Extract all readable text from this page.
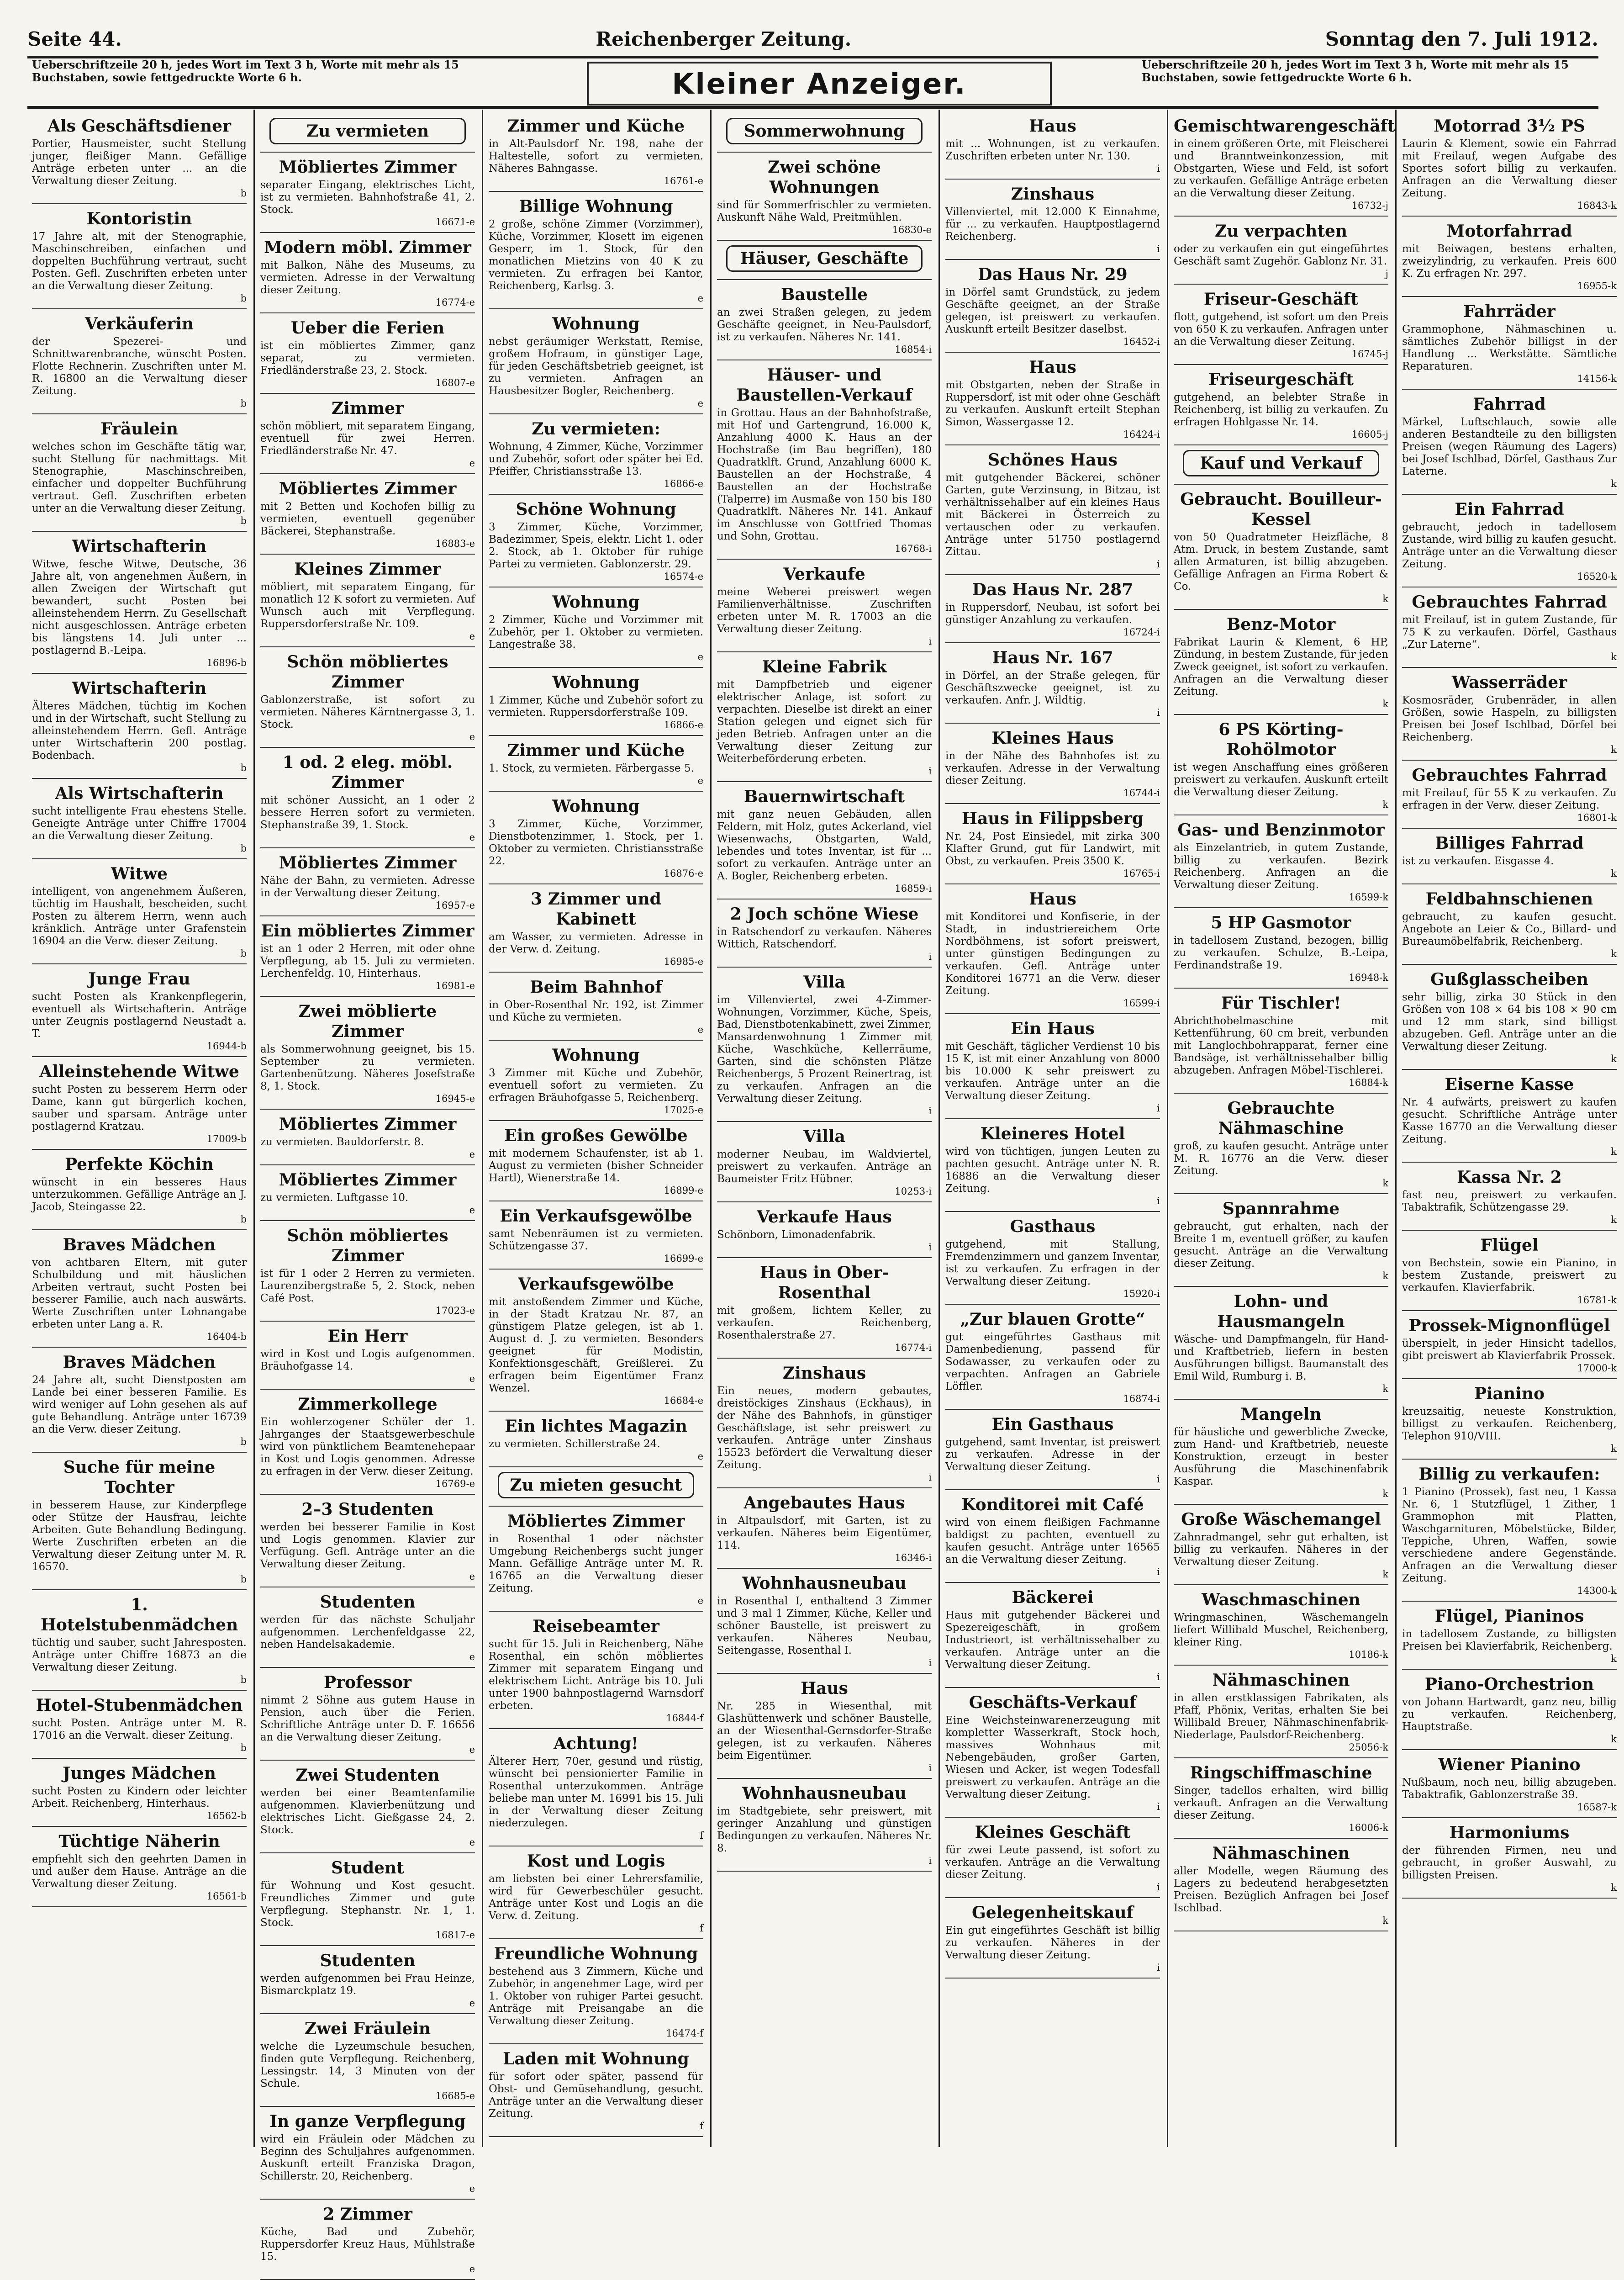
Seite 44.	Reichenberger Zeitung.	Sonntag den 7. Juli 1912.
Ueberschriftzeile 20 h, jedes Wort im Text 3 h, Worte mit mehr als 15 Buchstaben, sowie fettgedruckte Worte 6 h.	Kleiner Anzeiger.
Ueberschriftzeile 20 h, jedes Wort im Text 3 h, Worte mit mehr als 15 Buchstaben, sowie fettgedruckte Worte 6 h.
Als Geschäftsdiener
Portier, Hausmeister, sucht Stellung junger, fleißiger Mann. Gefällige Anträge erbeten unter ... an die Verwaltung dieser Zeitung.
b
Kontoristin
17 Jahre alt, mit der Stenographie, Maschinschreiben, einfachen und doppelten Buchführung vertraut, sucht Posten. Gefl. Zuschriften erbeten unter an die Verwaltung dieser Zeitung.
b
Verkäuferin
der Spezerei- und Schnittwarenbranche, wünscht Posten. Flotte Rechnerin. Zuschriften unter M. R. 16800 an die Verwaltung dieser Zeitung.
b
Fräulein
welches schon im Geschäfte tätig war, sucht Stellung für nachmittags. Mit Stenographie, Maschinschreiben, einfacher und doppelter Buchführung vertraut. Gefl. Zuschriften erbeten unter an die Verwaltung dieser Zeitung.
b
Wirtschafterin
Witwe, fesche Witwe, Deutsche, 36 Jahre alt, von angenehmen Äußern, in allen Zweigen der Wirtschaft gut bewandert, sucht Posten bei alleinstehendem Herrn. Zu Gesellschaft nicht ausgeschlossen. Anträge erbeten bis längstens 14. Juli unter ... postlagernd B.-Leipa.
16896-b
Wirtschafterin
Älteres Mädchen, tüchtig im Kochen und in der Wirtschaft, sucht Stellung zu alleinstehendem Herrn. Gefl. Anträge unter Wirtschafterin 200 postlag. Bodenbach.
b
Als Wirtschafterin
sucht intelligente Frau ehestens Stelle. Geneigte Anträge unter Chiffre 17004 an die Verwaltung dieser Zeitung.
b
Witwe
intelligent, von angenehmem Äußeren, tüchtig im Haushalt, bescheiden, sucht Posten zu älterem Herrn, wenn auch kränklich. Anträge unter Grafenstein 16904 an die Verw. dieser Zeitung.
b
Junge Frau
sucht Posten als Krankenpflegerin, eventuell als Wirtschafterin. Anträge unter Zeugnis postlagernd Neustadt a. T.
16944-b
Alleinstehende Witwe
sucht Posten zu besserem Herrn oder Dame, kann gut bürgerlich kochen, sauber und sparsam. Anträge unter postlagernd Kratzau.
17009-b
Perfekte Köchin
wünscht in ein besseres Haus unterzukommen. Gefällige Anträge an J. Jacob, Steingasse 22.
b
Braves Mädchen
von achtbaren Eltern, mit guter Schulbildung und mit häuslichen Arbeiten vertraut, sucht Posten bei besserer Familie, auch nach auswärts. Werte Zuschriften unter Lohnangabe erbeten unter Lang a. R.
16404-b
Braves Mädchen
24 Jahre alt, sucht Dienstposten am Lande bei einer besseren Familie. Es wird weniger auf Lohn gesehen als auf gute Behandlung. Anträge unter 16739 an die Verw. dieser Zeitung.
b
Suche für meine Tochter
in besserem Hause, zur Kinderpflege oder Stütze der Hausfrau, leichte Arbeiten. Gute Behandlung Bedingung. Werte Zuschriften erbeten an die Verwaltung dieser Zeitung unter M. R. 16570.
b
1. Hotelstubenmädchen
tüchtig und sauber, sucht Jahresposten. Anträge unter Chiffre 16873 an die Verwaltung dieser Zeitung.
b
Hotel-Stubenmädchen
sucht Posten. Anträge unter M. R. 17016 an die Verwalt. dieser Zeitung.
b
Junges Mädchen
sucht Posten zu Kindern oder leichter Arbeit. Reichenberg, Hinterhaus.
16562-b
Tüchtige Näherin
empfiehlt sich den geehrten Damen in und außer dem Hause. Anträge an die Verwaltung dieser Zeitung.
16561-b
Zu vermieten
Möbliertes Zimmer
separater Eingang, elektrisches Licht, ist zu vermieten. Bahnhofstraße 41, 2. Stock.
16671-e
Modern möbl. Zimmer
mit Balkon, Nähe des Museums, zu vermieten. Adresse in der Verwaltung dieser Zeitung.
16774-e
Ueber die Ferien
ist ein möbliertes Zimmer, ganz separat, zu vermieten. Friedländerstraße 23, 2. Stock.
16807-e
Zimmer
schön möbliert, mit separatem Eingang, eventuell für zwei Herren. Friedländerstraße Nr. 47.
e
Möbliertes Zimmer
mit 2 Betten und Kochofen billig zu vermieten, eventuell gegenüber Bäckerei, Stephanstraße.
16883-e
Kleines Zimmer
möbliert, mit separatem Eingang, für monatlich 12 K sofort zu vermieten. Auf Wunsch auch mit Verpflegung. Ruppersdorferstraße Nr. 109.
e
Schön möbliertes Zimmer
Gablonzerstraße, ist sofort zu vermieten. Näheres Kärntnergasse 3, 1. Stock.
e
1 od. 2 eleg. möbl. Zimmer
mit schöner Aussicht, an 1 oder 2 bessere Herren sofort zu vermieten. Stephanstraße 39, 1. Stock.
e
Möbliertes Zimmer
Nähe der Bahn, zu vermieten. Adresse in der Verwaltung dieser Zeitung.
16957-e
Ein möbliertes Zimmer
ist an 1 oder 2 Herren, mit oder ohne Verpflegung, ab 15. Juli zu vermieten. Lerchenfeldg. 10, Hinterhaus.
16981-e
Zwei möblierte Zimmer
als Sommerwohnung geeignet, bis 15. September zu vermieten. Gartenbenützung. Näheres Josefstraße 8, 1. Stock.
16945-e
Möbliertes Zimmer
zu vermieten. Bauldorferstr. 8.
e
Möbliertes Zimmer
zu vermieten. Luftgasse 10.
e
Schön möbliertes Zimmer
ist für 1 oder 2 Herren zu vermieten. Laurenzibergstraße 5, 2. Stock, neben Café Post.
17023-e
Ein Herr
wird in Kost und Logis aufgenommen. Bräuhofgasse 14.
e
Zimmerkollege
Ein wohlerzogener Schüler der 1. Jahrganges der Staatsgewerbeschule wird von pünktlichem Beamtenehepaar in Kost und Logis genommen. Adresse zu erfragen in der Verw. dieser Zeitung.
16769-e
2–3 Studenten
werden bei besserer Familie in Kost und Logis genommen. Klavier zur Verfügung. Gefl. Anträge unter an die Verwaltung dieser Zeitung.
e
Studenten
werden für das nächste Schuljahr aufgenommen. Lerchenfeldgasse 22, neben Handelsakademie.
e
Professor
nimmt 2 Söhne aus gutem Hause in Pension, auch über die Ferien. Schriftliche Anträge unter D. F. 16656 an die Verwaltung dieser Zeitung.
e
Zwei Studenten
werden bei einer Beamtenfamilie aufgenommen. Klavierbenützung und elektrisches Licht. Gießgasse 24, 2. Stock.
e
Student
für Wohnung und Kost gesucht. Freundliches Zimmer und gute Verpflegung. Stephanstr. Nr. 1, 1. Stock.
16817-e
Studenten
werden aufgenommen bei Frau Heinze, Bismarckplatz 19.
e
Zwei Fräulein
welche die Lyzeumschule besuchen, finden gute Verpflegung. Reichenberg, Lessingstr. 14, 3 Minuten von der Schule.
16685-e
In ganze Verpflegung
wird ein Fräulein oder Mädchen zu Beginn des Schuljahres aufgenommen. Auskunft erteilt Franziska Dragon, Schillerstr. 20, Reichenberg.
e
2 Zimmer
Küche, Bad und Zubehör, Ruppersdorfer Kreuz Haus, Mühlstraße 15.
e
Zimmer und Küche
in Alt-Paulsdorf Nr. 198, nahe der Haltestelle, sofort zu vermieten. Näheres Bahngasse.
16761-e
Billige Wohnung
2 große, schöne Zimmer (Vorzimmer), Küche, Vorzimmer, Klosett im eigenen Gesperr, im 1. Stock, für den monatlichen Mietzins von 40 K zu vermieten. Zu erfragen bei Kantor, Reichenberg, Karlsg. 3.
e
Wohnung
nebst geräumiger Werkstatt, Remise, großem Hofraum, in günstiger Lage, für jeden Geschäftsbetrieb geeignet, ist zu vermieten. Anfragen an Hausbesitzer Bogler, Reichenberg.
e
Zu vermieten:
Wohnung, 4 Zimmer, Küche, Vorzimmer und Zubehör, sofort oder später bei Ed. Pfeiffer, Christiansstraße 13.
16866-e
Schöne Wohnung
3 Zimmer, Küche, Vorzimmer, Badezimmer, Speis, elektr. Licht 1. oder 2. Stock, ab 1. Oktober für ruhige Partei zu vermieten. Gablonzerstr. 29.
16574-e
Wohnung
2 Zimmer, Küche und Vorzimmer mit Zubehör, per 1. Oktober zu vermieten. Langestraße 38.
e
Wohnung
1 Zimmer, Küche und Zubehör sofort zu vermieten. Ruppersdorferstraße 109.
16866-e
Zimmer und Küche
1. Stock, zu vermieten. Färbergasse 5.
e
Wohnung
3 Zimmer, Küche, Vorzimmer, Dienstbotenzimmer, 1. Stock, per 1. Oktober zu vermieten. Christiansstraße 22.
16876-e
3 Zimmer und Kabinett
am Wasser, zu vermieten. Adresse in der Verw. d. Zeitung.
16985-e
Beim Bahnhof
in Ober-Rosenthal Nr. 192, ist Zimmer und Küche zu vermieten.
e
Wohnung
3 Zimmer mit Küche und Zubehör, eventuell sofort zu vermieten. Zu erfragen Bräuhofgasse 5, Reichenberg.
17025-e
Ein großes Gewölbe
mit modernem Schaufenster, ist ab 1. August zu vermieten (bisher Schneider Hartl), Wienerstraße 14.
16899-e
Ein Verkaufsgewölbe
samt Nebenräumen ist zu vermieten. Schützengasse 37.
16699-e
Verkaufsgewölbe
mit anstoßendem Zimmer und Küche, in der Stadt Kratzau Nr. 87, an günstigem Platze gelegen, ist ab 1. August d. J. zu vermieten. Besonders geeignet für Modistin, Konfektionsgeschäft, Greißlerei. Zu erfragen beim Eigentümer Franz Wenzel.
16684-e
Ein lichtes Magazin
zu vermieten. Schillerstraße 24.
e
Zu mieten gesucht
Möbliertes Zimmer
in Rosenthal 1 oder nächster Umgebung Reichenbergs sucht junger Mann. Gefällige Anträge unter M. R. 16765 an die Verwaltung dieser Zeitung.
e
Reisebeamter
sucht für 15. Juli in Reichenberg, Nähe Rosenthal, ein schön möbliertes Zimmer mit separatem Eingang und elektrischem Licht. Anträge bis 10. Juli unter 1900 bahnpostlagernd Warnsdorf erbeten.
16844-f
Achtung!
Älterer Herr, 70er, gesund und rüstig, wünscht bei pensionierter Familie in Rosenthal unterzukommen. Anträge beliebe man unter M. 16991 bis 15. Juli in der Verwaltung dieser Zeitung niederzulegen.
f
Kost und Logis
am liebsten bei einer Lehrersfamilie, wird für Gewerbeschüler gesucht. Anträge unter Kost und Logis an die Verw. d. Zeitung.
f
Freundliche Wohnung
bestehend aus 3 Zimmern, Küche und Zubehör, in angenehmer Lage, wird per 1. Oktober von ruhiger Partei gesucht. Anträge mit Preisangabe an die Verwaltung dieser Zeitung.
16474-f
Laden mit Wohnung
für sofort oder später, passend für Obst- und Gemüsehandlung, gesucht. Anträge unter an die Verwaltung dieser Zeitung.
f
Sommerwohnung
Zwei schöne Wohnungen
sind für Sommerfrischler zu vermieten. Auskunft Nähe Wald, Preitmühlen.
16830-e
Häuser, Geschäfte
Baustelle
an zwei Straßen gelegen, zu jedem Geschäfte geeignet, in Neu-Paulsdorf, ist zu verkaufen. Näheres Nr. 141.
16854-i
Häuser- und Baustellen-Verkauf
in Grottau. Haus an der Bahnhofstraße, mit Hof und Gartengrund, 16.000 K, Anzahlung 4000 K. Haus an der Hochstraße (im Bau begriffen), 180 Quadratklft. Grund, Anzahlung 6000 K. Baustellen an der Hochstraße, 4 Baustellen an der Hochstraße (Talperre) im Ausmaße von 150 bis 180 Quadratklft. Näheres Nr. 141. Ankauf im Anschlusse von Gottfried Thomas und Sohn, Grottau.
16768-i
Verkaufe
meine Weberei preiswert wegen Familienverhältnisse. Zuschriften erbeten unter M. R. 17003 an die Verwaltung dieser Zeitung.
i
Kleine Fabrik
mit Dampfbetrieb und eigener elektrischer Anlage, ist sofort zu verpachten. Dieselbe ist direkt an einer Station gelegen und eignet sich für jeden Betrieb. Anfragen unter an die Verwaltung dieser Zeitung zur Weiterbeförderung erbeten.
i
Bauernwirtschaft
mit ganz neuen Gebäuden, allen Feldern, mit Holz, gutes Ackerland, viel Wiesenwachs, Obstgarten, Wald, lebendes und totes Inventar, ist für ... sofort zu verkaufen. Anträge unter an A. Bogler, Reichenberg erbeten.
16859-i
2 Joch schöne Wiese
in Ratschendorf zu verkaufen. Näheres Wittich, Ratschendorf.
i
Villa
im Villenviertel, zwei 4-Zimmer-Wohnungen, Vorzimmer, Küche, Speis, Bad, Dienstbotenkabinett, zwei Zimmer, Mansardenwohnung 1 Zimmer mit Küche, Waschküche, Kellerräume, Garten, sind die schönsten Plätze Reichenbergs, 5 Prozent Reinertrag, ist zu verkaufen. Anfragen an die Verwaltung dieser Zeitung.
i
Villa
moderner Neubau, im Waldviertel, preiswert zu verkaufen. Anträge an Baumeister Fritz Hübner.
10253-i
Verkaufe Haus
Schönborn, Limonadenfabrik.
i
Haus in Ober-Rosenthal
mit großem, lichtem Keller, zu verkaufen. Reichenberg, Rosenthalerstraße 27.
16774-i
Zinshaus
Ein neues, modern gebautes, dreistöckiges Zinshaus (Eckhaus), in der Nähe des Bahnhofs, in günstiger Geschäftslage, ist sehr preiswert zu verkaufen. Anträge unter Zinshaus 15523 befördert die Verwaltung dieser Zeitung.
i
Angebautes Haus
in Altpaulsdorf, mit Garten, ist zu verkaufen. Näheres beim Eigentümer, 114.
16346-i
Wohnhausneubau
in Rosenthal I, enthaltend 3 Zimmer und 3 mal 1 Zimmer, Küche, Keller und schöner Baustelle, ist preiswert zu verkaufen. Näheres Neubau, Seitengasse, Rosenthal I.
i
Haus
Nr. 285 in Wiesenthal, mit Glashüttenwerk und schöner Baustelle, an der Wiesenthal-Gernsdorfer-Straße gelegen, ist zu verkaufen. Näheres beim Eigentümer.
i
Wohnhausneubau
im Stadtgebiete, sehr preiswert, mit geringer Anzahlung und günstigen Bedingungen zu verkaufen. Näheres Nr. 8.
i
Haus
mit ... Wohnungen, ist zu verkaufen. Zuschriften erbeten unter Nr. 130.
i
Zinshaus
Villenviertel, mit 12.000 K Einnahme, für ... zu verkaufen. Hauptpostlagernd Reichenberg.
i
Das Haus Nr. 29
in Dörfel samt Grundstück, zu jedem Geschäfte geeignet, an der Straße gelegen, ist preiswert zu verkaufen. Auskunft erteilt Besitzer daselbst.
16452-i
Haus
mit Obstgarten, neben der Straße in Ruppersdorf, ist mit oder ohne Geschäft zu verkaufen. Auskunft erteilt Stephan Simon, Wassergasse 12.
16424-i
Schönes Haus
mit gutgehender Bäckerei, schöner Garten, gute Verzinsung, in Bitzau, ist verhältnissehalber auf ein kleines Haus mit Bäckerei in Österreich zu vertauschen oder zu verkaufen. Anträge unter 51750 postlagernd Zittau.
i
Das Haus Nr. 287
in Ruppersdorf, Neubau, ist sofort bei günstiger Anzahlung zu verkaufen.
16724-i
Haus Nr. 167
in Dörfel, an der Straße gelegen, für Geschäftszwecke geeignet, ist zu verkaufen. Anfr. J. Wildtig.
i
Kleines Haus
in der Nähe des Bahnhofes ist zu verkaufen. Adresse in der Verwaltung dieser Zeitung.
16744-i
Haus in Filippsberg
Nr. 24, Post Einsiedel, mit zirka 300 Klafter Grund, gut für Landwirt, mit Obst, zu verkaufen. Preis 3500 K.
16765-i
Haus
mit Konditorei und Konfiserie, in der Stadt, in industriereichem Orte Nordböhmens, ist sofort preiswert, unter günstigen Bedingungen zu verkaufen. Gefl. Anträge unter Konditorei 16771 an die Verw. dieser Zeitung.
16599-i
Ein Haus
mit Geschäft, täglicher Verdienst 10 bis 15 K, ist mit einer Anzahlung von 8000 bis 10.000 K sehr preiswert zu verkaufen. Anträge unter an die Verwaltung dieser Zeitung.
i
Kleineres Hotel
wird von tüchtigen, jungen Leuten zu pachten gesucht. Anträge unter N. R. 16886 an die Verwaltung dieser Zeitung.
i
Gasthaus
gutgehend, mit Stallung, Fremdenzimmern und ganzem Inventar, ist zu verkaufen. Zu erfragen in der Verwaltung dieser Zeitung.
15920-i
„Zur blauen Grotte“
gut eingeführtes Gasthaus mit Damenbedienung, passend für Sodawasser, zu verkaufen oder zu verpachten. Anfragen an Gabriele Löffler.
16874-i
Ein Gasthaus
gutgehend, samt Inventar, ist preiswert zu verkaufen. Adresse in der Verwaltung dieser Zeitung.
i
Konditorei mit Café
wird von einem fleißigen Fachmanne baldigst zu pachten, eventuell zu kaufen gesucht. Anträge unter 16565 an die Verwaltung dieser Zeitung.
i
Bäckerei
Haus mit gutgehender Bäckerei und Spezereigeschäft, in großem Industrieort, ist verhältnissehalber zu verkaufen. Anträge unter an die Verwaltung dieser Zeitung.
i
Geschäfts-Verkauf
Eine Weichsteinwarenerzeugung mit kompletter Wasserkraft, Stock hoch, massives Wohnhaus mit Nebengebäuden, großer Garten, Wiesen und Acker, ist wegen Todesfall preiswert zu verkaufen. Anträge an die Verwaltung dieser Zeitung.
i
Kleines Geschäft
für zwei Leute passend, ist sofort zu verkaufen. Anträge an die Verwaltung dieser Zeitung.
i
Gelegenheitskauf
Ein gut eingeführtes Geschäft ist billig zu verkaufen. Näheres in der Verwaltung dieser Zeitung.
i
Gemischtwarengeschäft
in einem größeren Orte, mit Fleischerei und Branntweinkonzession, mit Obstgarten, Wiese und Feld, ist sofort zu verkaufen. Gefällige Anträge erbeten an die Verwaltung dieser Zeitung.
16732-j
Zu verpachten
oder zu verkaufen ein gut eingeführtes Geschäft samt Zugehör. Gablonz Nr. 31.
j
Friseur-Geschäft
flott, gutgehend, ist sofort um den Preis von 650 K zu verkaufen. Anfragen unter an die Verwaltung dieser Zeitung.
16745-j
Friseurgeschäft
gutgehend, an belebter Straße in Reichenberg, ist billig zu verkaufen. Zu erfragen Hohlgasse Nr. 14.
16605-j
Kauf und Verkauf
Gebraucht. Bouilleur-Kessel
von 50 Quadratmeter Heizfläche, 8 Atm. Druck, in bestem Zustande, samt allen Armaturen, ist billig abzugeben. Gefällige Anfragen an Firma Robert & Co.
k
Benz-Motor
Fabrikat Laurin & Klement, 6 HP, Zündung, in bestem Zustande, für jeden Zweck geeignet, ist sofort zu verkaufen. Anfragen an die Verwaltung dieser Zeitung.
k
6 PS Körting-Rohölmotor
ist wegen Anschaffung eines größeren preiswert zu verkaufen. Auskunft erteilt die Verwaltung dieser Zeitung.
k
Gas- und Benzinmotor
als Einzelantrieb, in gutem Zustande, billig zu verkaufen. Bezirk Reichenberg. Anfragen an die Verwaltung dieser Zeitung.
16599-k
5 HP Gasmotor
in tadellosem Zustand, bezogen, billig zu verkaufen. Schulze, B.-Leipa, Ferdinandstraße 19.
16948-k
Für Tischler!
Abrichthobelmaschine mit Kettenführung, 60 cm breit, verbunden mit Langlochbohrapparat, ferner eine Bandsäge, ist verhältnissehalber billig abzugeben. Anfragen Möbel-Tischlerei.
16884-k
Gebrauchte Nähmaschine
groß, zu kaufen gesucht. Anträge unter M. R. 16776 an die Verw. dieser Zeitung.
k
Spannrahme
gebraucht, gut erhalten, nach der Breite 1 m, eventuell größer, zu kaufen gesucht. Anträge an die Verwaltung dieser Zeitung.
k
Lohn- und Hausmangeln
Wäsche- und Dampfmangeln, für Hand- und Kraftbetrieb, liefern in besten Ausführungen billigst. Baumanstalt des Emil Wild, Rumburg i. B.
k
Mangeln
für häusliche und gewerbliche Zwecke, zum Hand- und Kraftbetrieb, neueste Konstruktion, erzeugt in bester Ausführung die Maschinenfabrik Kaspar.
k
Große Wäschemangel
Zahnradmangel, sehr gut erhalten, ist billig zu verkaufen. Näheres in der Verwaltung dieser Zeitung.
k
Waschmaschinen
Wringmaschinen, Wäschemangeln liefert Willibald Muschel, Reichenberg, kleiner Ring.
10186-k
Nähmaschinen
in allen erstklassigen Fabrikaten, als Pfaff, Phönix, Veritas, erhalten Sie bei Willibald Breuer, Nähmaschinenfabrik-Niederlage, Paulsdorf-Reichenberg.
25056-k
Ringschiffmaschine
Singer, tadellos erhalten, wird billig verkauft. Anfragen an die Verwaltung dieser Zeitung.
16006-k
Nähmaschinen
aller Modelle, wegen Räumung des Lagers zu bedeutend herabgesetzten Preisen. Bezüglich Anfragen bei Josef Ischlbad.
k
Motorrad 3½ PS
Laurin & Klement, sowie ein Fahrrad mit Freilauf, wegen Aufgabe des Sportes sofort billig zu verkaufen. Anfragen an die Verwaltung dieser Zeitung.
16843-k
Motorfahrrad
mit Beiwagen, bestens erhalten, zweizylindrig, zu verkaufen. Preis 600 K. Zu erfragen Nr. 297.
16955-k
Fahrräder
Grammophone, Nähmaschinen u. sämtliches Zubehör billigst in der Handlung ... Werkstätte. Sämtliche Reparaturen.
14156-k
Fahrrad
Märkel, Luftschlauch, sowie alle anderen Bestandteile zu den billigsten Preisen (wegen Räumung des Lagers) bei Josef Ischlbad, Dörfel, Gasthaus Zur Laterne.
k
Ein Fahrrad
gebraucht, jedoch in tadellosem Zustande, wird billig zu kaufen gesucht. Anträge unter an die Verwaltung dieser Zeitung.
16520-k
Gebrauchtes Fahrrad
mit Freilauf, ist in gutem Zustande, für 75 K zu verkaufen. Dörfel, Gasthaus „Zur Laterne“.
k
Wasserräder
Kosmosräder, Grubenräder, in allen Größen, sowie Haspeln, zu billigsten Preisen bei Josef Ischlbad, Dörfel bei Reichenberg.
k
Gebrauchtes Fahrrad
mit Freilauf, für 55 K zu verkaufen. Zu erfragen in der Verw. dieser Zeitung.
16801-k
Billiges Fahrrad
ist zu verkaufen. Eisgasse 4.
k
Feldbahnschienen
gebraucht, zu kaufen gesucht. Angebote an Leier & Co., Billard- und Bureaumöbelfabrik, Reichenberg.
k
Gußglasscheiben
sehr billig, zirka 30 Stück in den Größen von 108 × 64 bis 108 × 90 cm und 12 mm stark, sind billigst abzugeben. Gefl. Anträge unter an die Verwaltung dieser Zeitung.
k
Eiserne Kasse
Nr. 4 aufwärts, preiswert zu kaufen gesucht. Schriftliche Anträge unter Kasse 16770 an die Verwaltung dieser Zeitung.
k
Kassa Nr. 2
fast neu, preiswert zu verkaufen. Tabaktrafik, Schützengasse 29.
k
Flügel
von Bechstein, sowie ein Pianino, in bestem Zustande, preiswert zu verkaufen. Klavierfabrik.
16781-k
Prossek-Mignonflügel
überspielt, in jeder Hinsicht tadellos, gibt preiswert ab Klavierfabrik Prossek.
17000-k
Pianino
kreuzsaitig, neueste Konstruktion, billigst zu verkaufen. Reichenberg, Telephon 910/VIII.
k
Billig zu verkaufen:
1 Pianino (Prossek), fast neu, 1 Kassa Nr. 6, 1 Stutzflügel, 1 Zither, 1 Grammophon mit Platten, Waschgarnituren, Möbelstücke, Bilder, Teppiche, Uhren, Waffen, sowie verschiedene andere Gegenstände. Anfragen an die Verwaltung dieser Zeitung.
14300-k
Flügel, Pianinos
in tadellosem Zustande, zu billigsten Preisen bei Klavierfabrik, Reichenberg.
k
Piano-Orchestrion
von Johann Hartwardt, ganz neu, billig zu verkaufen. Reichenberg, Hauptstraße.
k
Wiener Pianino
Nußbaum, noch neu, billig abzugeben. Tabaktrafik, Gablonzerstraße 39.
16587-k
Harmoniums
der führenden Firmen, neu und gebraucht, in großer Auswahl, zu billigsten Preisen.
k
